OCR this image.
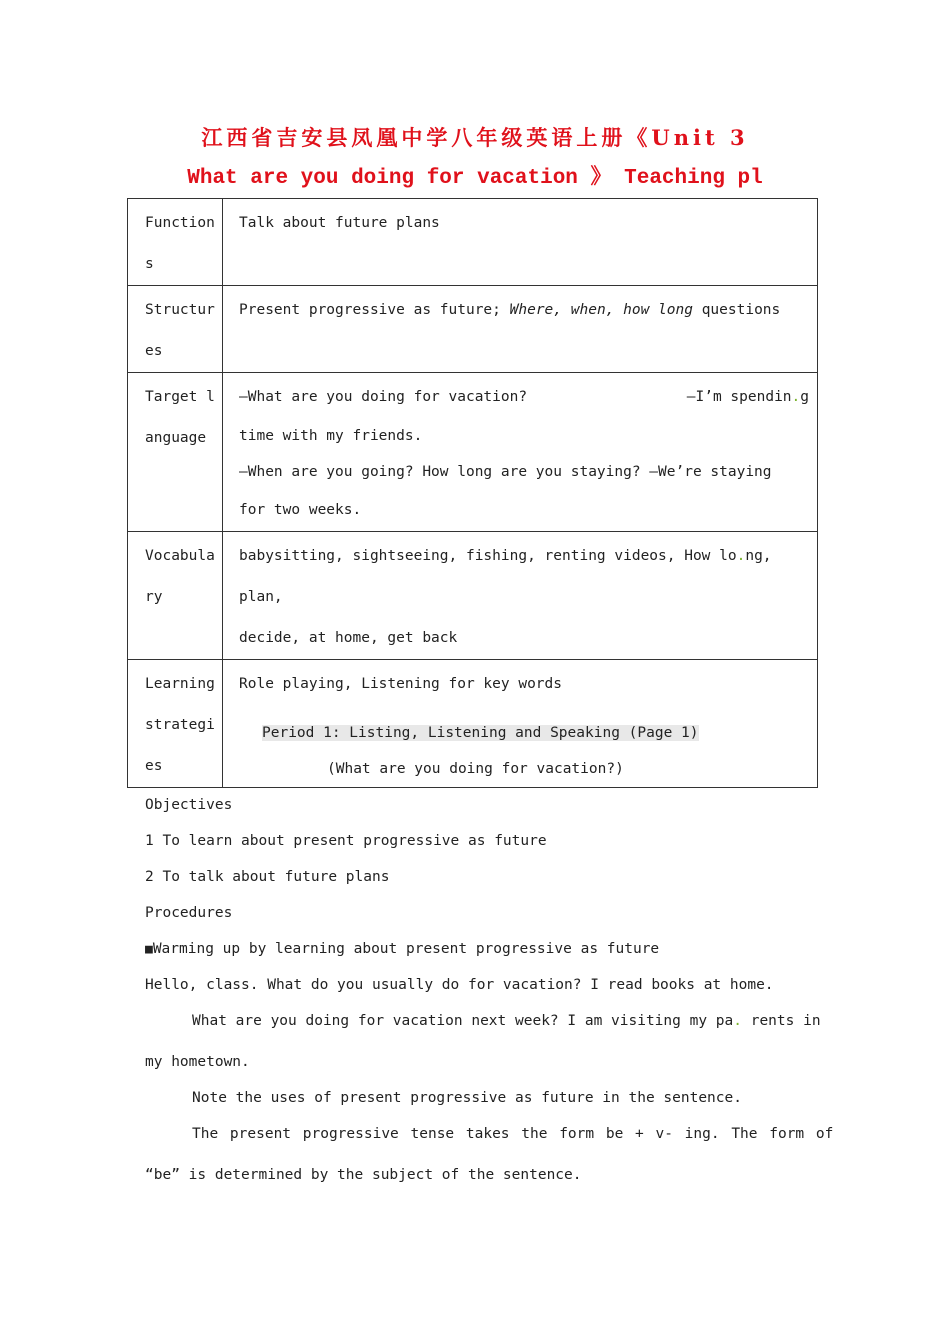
江西省吉安县凤凰中学八年级英语上册《Unit 3
What are you doing for vacation 》 Teaching pl
Functions	Talk about future plans

Structures	Present progressive as future; Where, when, how long questions

Target language	—What are you doing for vacation? —I’m spendin.g
time with my friends.
—When are you going? How long are you staying? —We’re staying
for two weeks.

Vocabulary	babysitting, sightseeing, fishing, renting videos, How lo.ng, plan,
decide, at home, get back

Learning strategies	Role playing, Listening for key words
Period 1: Listing, Listening and Speaking (Page 1)
(What are you doing for vacation?)
Objectives
1 To learn about present progressive as future
2 To talk about future plans
Procedures
■Warming up by learning about present progressive as future
Hello, class. What do you usually do for vacation? I read books at home.
What are you doing for vacation next week? I am visiting my pa. rents in
my hometown.
Note the uses of present progressive as future in the sentence.
The present progressive tense takes the form be + v- ing. The form of
“be” is determined by the subject of the sentence.
